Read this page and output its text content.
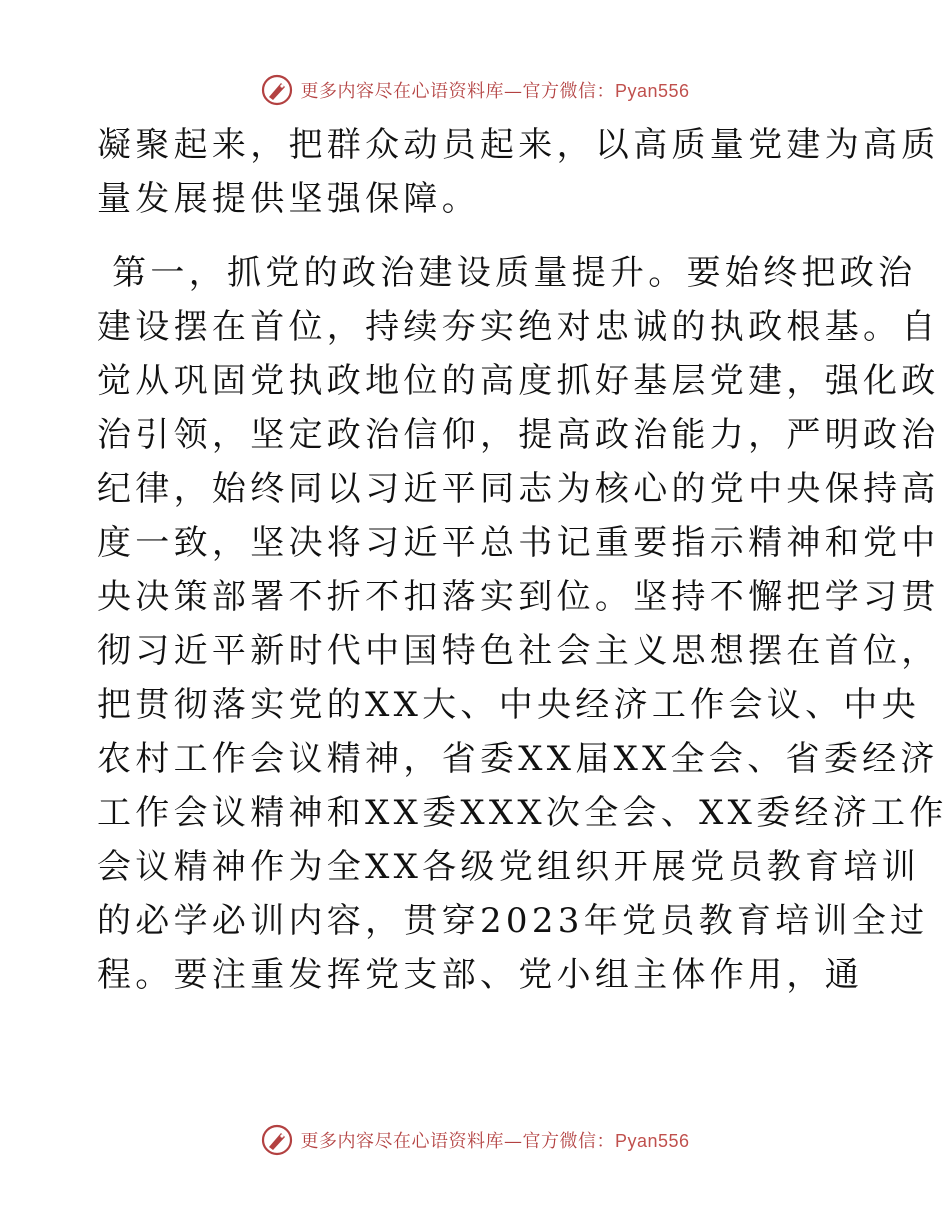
更多内容尽在心语资料库—官方微信：Pyan556
凝聚起来，把群众动员起来，以高质量党建为高质
量发展提供坚强保障。
第一，抓党的政治建设质量提升。要始终把政治
建设摆在首位，持续夯实绝对忠诚的执政根基。自
觉从巩固党执政地位的高度抓好基层党建，强化政
治引领，坚定政治信仰，提高政治能力，严明政治
纪律，始终同以习近平同志为核心的党中央保持高
度一致，坚决将习近平总书记重要指示精神和党中
央决策部署不折不扣落实到位。坚持不懈把学习贯
彻习近平新时代中国特色社会主义思想摆在首位，
把贯彻落实党的XX大、中央经济工作会议、中央
农村工作会议精神，省委XX届XX全会、省委经济
工作会议精神和XX委XXX次全会、XX委经济工作
会议精神作为全XX各级党组织开展党员教育培训
的必学必训内容，贯穿2023年党员教育培训全过
程。要注重发挥党支部、党小组主体作用，通
更多内容尽在心语资料库—官方微信：Pyan556
